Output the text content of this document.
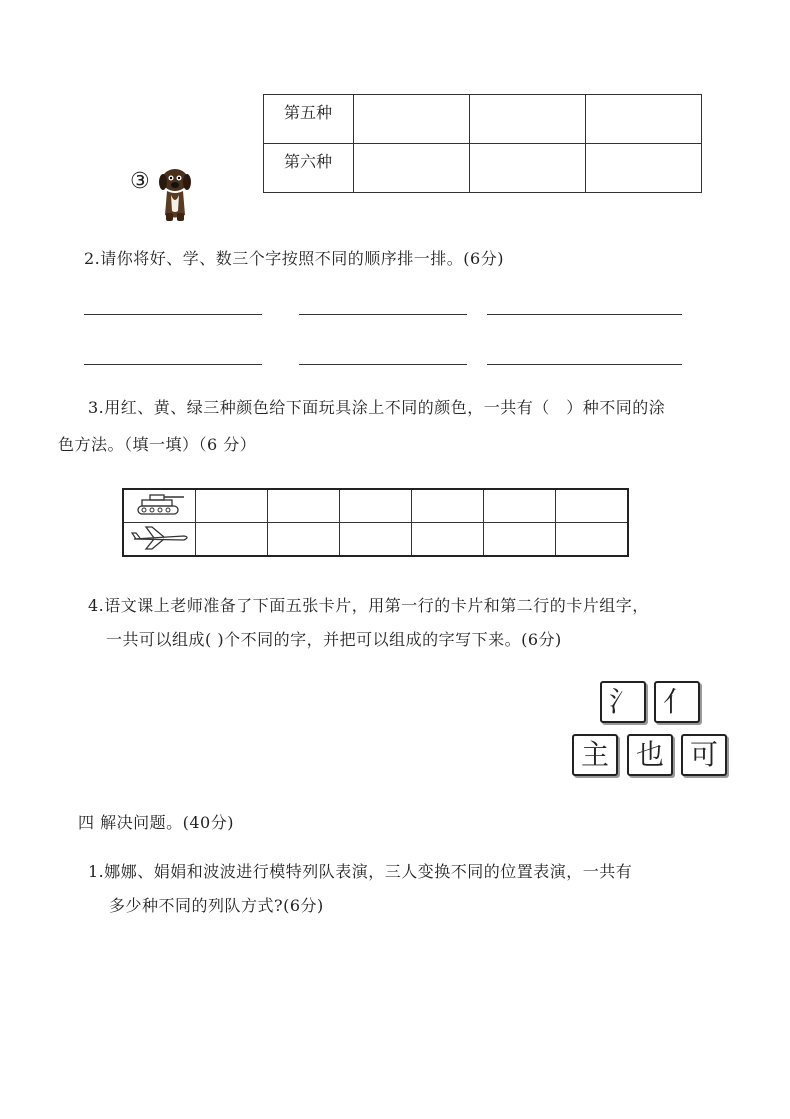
第五种			
第六种			
③
2.请你将好、学、数三个字按照不同的顺序排一排。(6分)
3.用红、黄、绿三种颜色给下面玩具涂上不同的颜色，一共有（　）种不同的涂
色方法。（填一填）（6 分）

4.语文课上老师准备了下面五张卡片，用第一行的卡片和第二行的卡片组字，
一共可以组成( )个不同的字，并把可以组成的字写下来。(6分)
氵 亻
主 也 可
四 解决问题。(40分)
1.娜娜、娟娟和波波进行模特列队表演，三人变换不同的位置表演，一共有
多少种不同的列队方式?(6分)
